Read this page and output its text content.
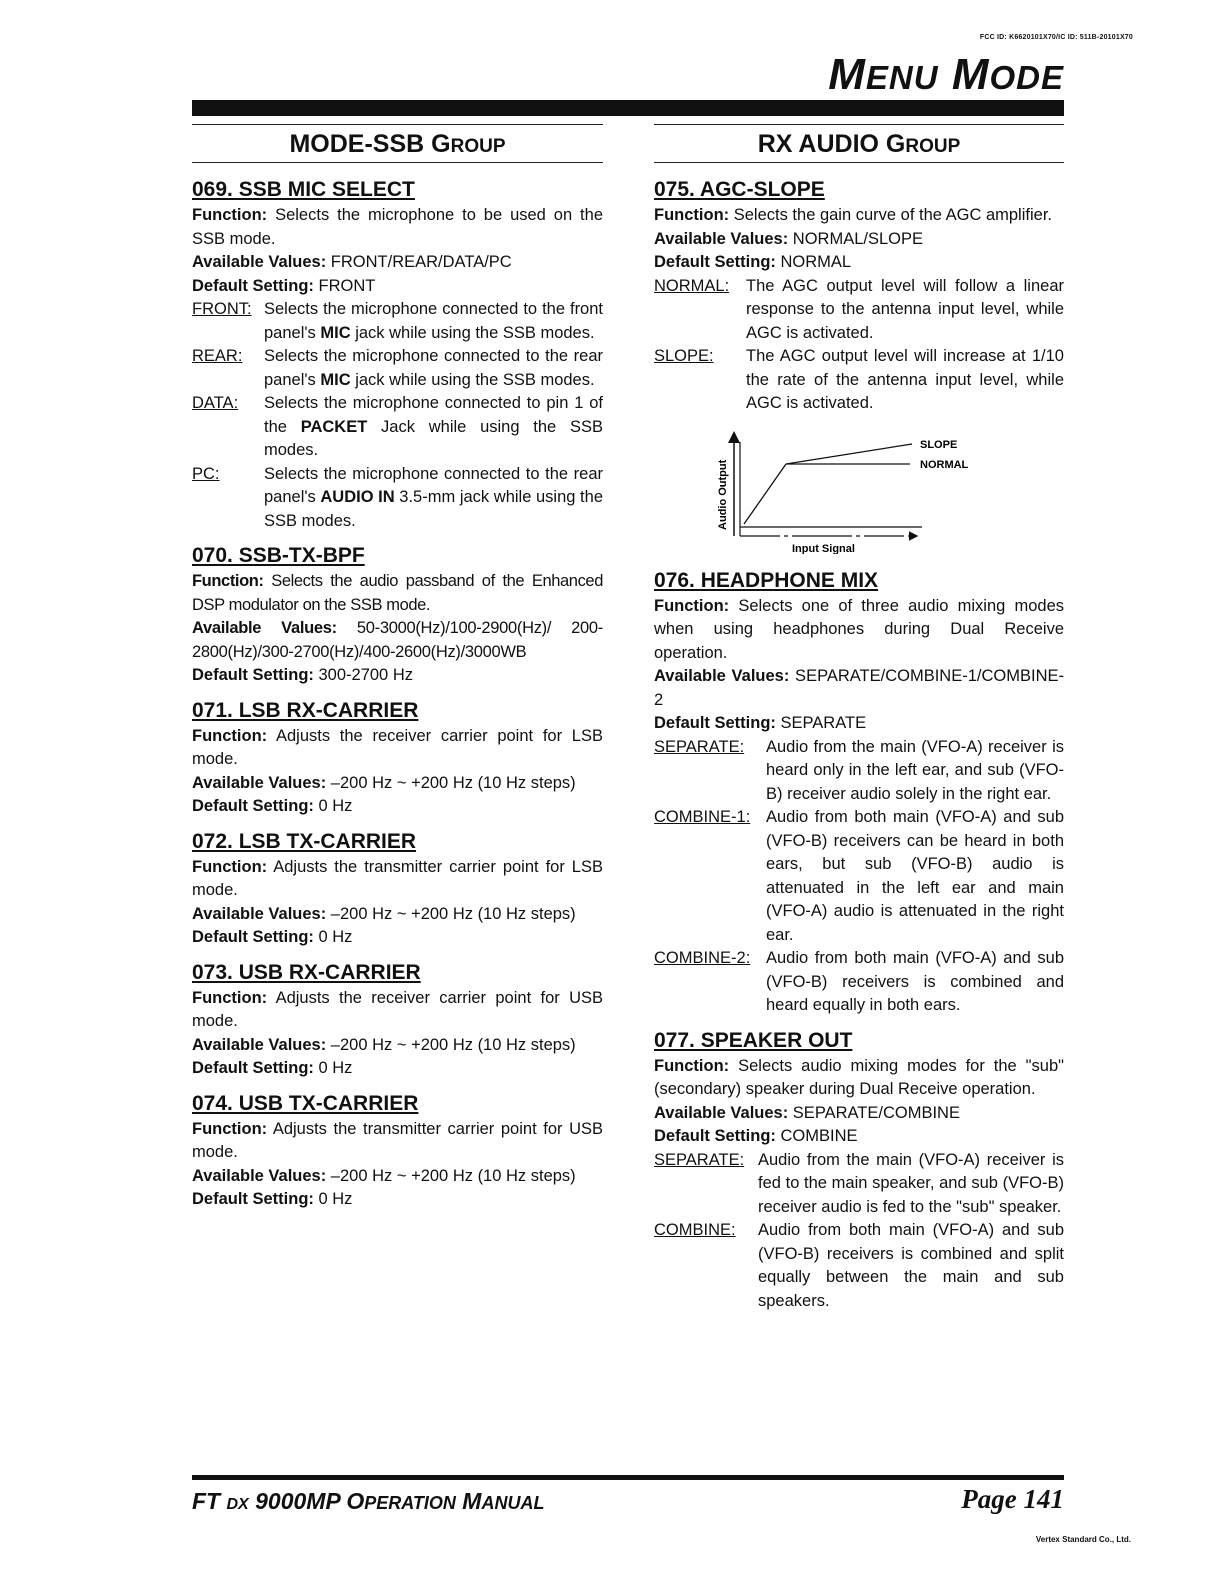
FCC ID: K6620101X70/IC ID: 511B-20101X70
MENU MODE
MODE-SSB GROUP
069. SSB MIC SELECT

Function: Selects the microphone to be used on the SSB mode.

Available Values: FRONT/REAR/DATA/PC

Default Setting: FRONT

FRONT: Selects the microphone connected to the front panel's MIC jack while using the SSB modes.
REAR:	Selects the microphone connected to the rear panel's MIC jack while using the SSB modes.
DATA:	Selects the microphone connected to pin 1 of the PACKET Jack while using the SSB modes.
PC:	Selects the microphone connected to the rear panel's AUDIO IN 3.5-mm jack while using the SSB modes.
070. SSB-TX-BPF

Function: Selects the audio passband of the Enhanced DSP modulator on the SSB mode.

Available Values: 50-3000(Hz)/100-2900(Hz)/ 200-2800(Hz)/300-2700(Hz)/400-2600(Hz)/3000WB

Default Setting: 300-2700 Hz

071. LSB RX-CARRIER

Function: Adjusts the receiver carrier point for LSB mode.

Available Values: –200 Hz ~ +200 Hz (10 Hz steps)

Default Setting: 0 Hz

072. LSB TX-CARRIER

Function: Adjusts the transmitter carrier point for LSB mode.

Available Values: –200 Hz ~ +200 Hz (10 Hz steps)

Default Setting: 0 Hz

073. USB RX-CARRIER

Function: Adjusts the receiver carrier point for USB mode.

Available Values: –200 Hz ~ +200 Hz (10 Hz steps)

Default Setting: 0 Hz

074. USB TX-CARRIER

Function: Adjusts the transmitter carrier point for USB mode.

Available Values: –200 Hz ~ +200 Hz (10 Hz steps)

Default Setting: 0 Hz

RX AUDIO GROUP
075. AGC-SLOPE

Function: Selects the gain curve of the AGC amplifier.

Available Values: NORMAL/SLOPE

Default Setting: NORMAL

NORMAL:	The AGC output level will follow a linear response to the antenna input level, while AGC is activated.
SLOPE:	The AGC output level will increase at 1/10 the rate of the antenna input level, while AGC is activated.
SLOPE
NORMAL
Input Signal
Audio Output
076. HEADPHONE MIX

Function: Selects one of three audio mixing modes when using headphones during Dual Receive operation.

Available Values: SEPARATE/COMBINE-1/COMBINE-2

Default Setting: SEPARATE

SEPARATE:	Audio from the main (VFO-A) receiver is heard only in the left ear, and sub (VFO-B) receiver audio solely in the right ear.
COMBINE-1: Audio from both main (VFO-A) and sub (VFO-B) receivers can be heard in both ears, but sub (VFO-B) audio is attenuated in the left ear and main (VFO-A) audio is attenuated in the right ear.
COMBINE-2: Audio from both main (VFO-A) and sub (VFO-B) receivers is combined and heard equally in both ears.
077. SPEAKER OUT

Function: Selects audio mixing modes for the "sub" (secondary) speaker during Dual Receive operation.

Available Values: SEPARATE/COMBINE

Default Setting: COMBINE

SEPARATE: Audio from the main (VFO-A) receiver is fed to the main speaker, and sub (VFO-B) receiver audio is fed to the "sub" speaker.
COMBINE:	Audio from both main (VFO-A) and sub (VFO-B) receivers is combined and split equally between the main and sub speakers.
FT DX 9000MP OPERATION MANUAL	Page 141
Vertex Standard Co., Ltd.
